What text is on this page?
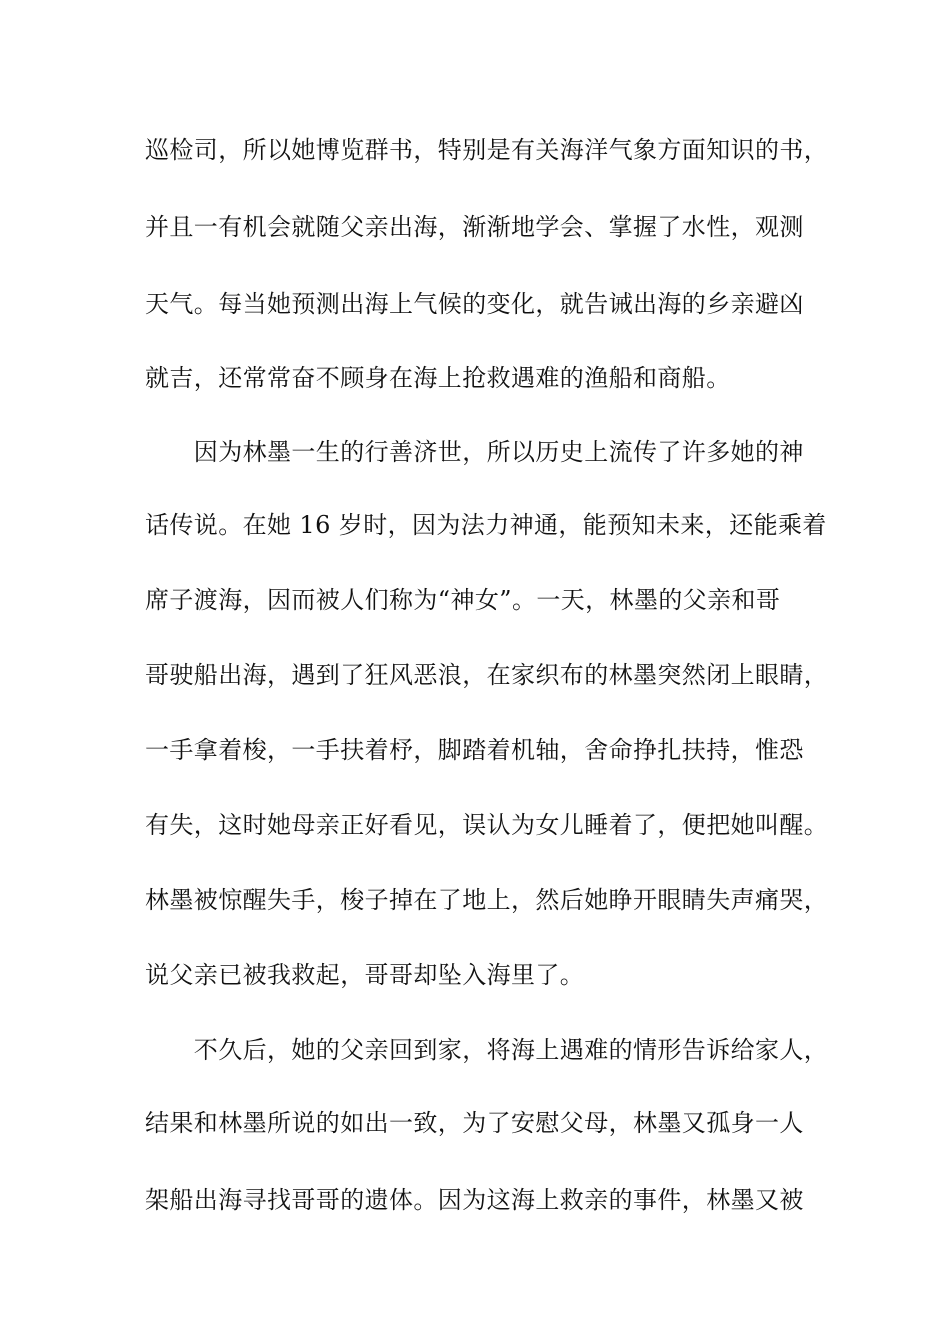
巡检司，所以她博览群书，特别是有关海洋气象方面知识的书，
并且一有机会就随父亲出海，渐渐地学会、掌握了水性，观测
天气。每当她预测出海上气候的变化，就告诫出海的乡亲避凶
就吉，还常常奋不顾身在海上抢救遇难的渔船和商船。
　　因为林墨一生的行善济世，所以历史上流传了许多她的神
话传说。在她 16 岁时，因为法力神通，能预知未来，还能乘着
席子渡海，因而被人们称为“神女”。一天，林墨的父亲和哥
哥驶船出海，遇到了狂风恶浪，在家织布的林墨突然闭上眼睛，
一手拿着梭，一手扶着杼，脚踏着机轴，舍命挣扎扶持，惟恐
有失，这时她母亲正好看见，误认为女儿睡着了，便把她叫醒。
林墨被惊醒失手，梭子掉在了地上，然后她睁开眼睛失声痛哭，
说父亲已被我救起，哥哥却坠入海里了。
　　不久后，她的父亲回到家，将海上遇难的情形告诉给家人，
结果和林墨所说的如出一致，为了安慰父母，林墨又孤身一人
架船出海寻找哥哥的遗体。因为这海上救亲的事件，林墨又被
